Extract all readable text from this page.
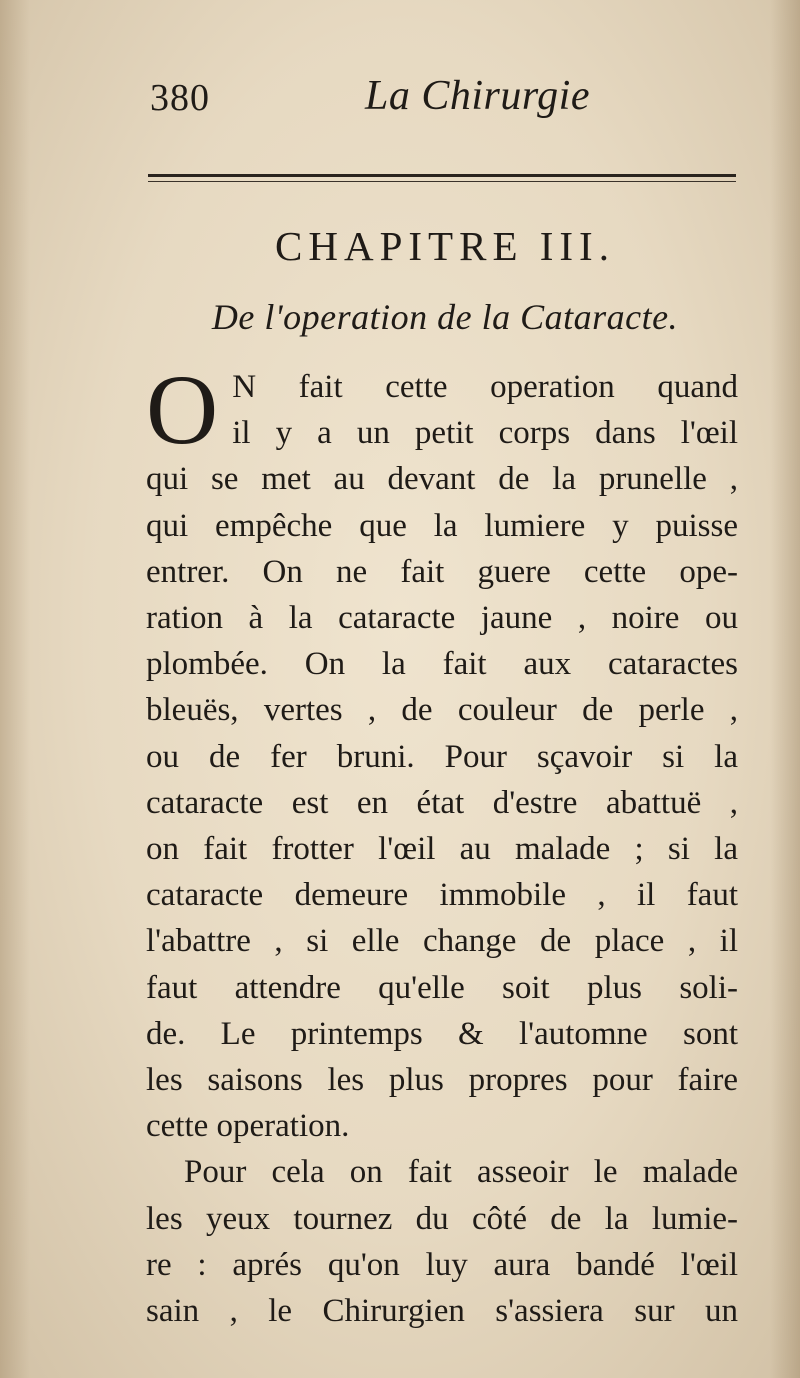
380	La Chirurgie
CHAPITRE III.
De l'operation de la Cataracte.
O N fait cette operation quand
il y a un petit corps dans l'œil
qui se met au devant de la prunelle ,
qui empêche que la lumiere y puisse
entrer. On ne fait guere cette ope-
ration à la cataracte jaune , noire ou
plombée. On la fait aux cataractes
bleuës, vertes , de couleur de perle ,
ou de fer bruni. Pour sçavoir si la
cataracte est en état d'estre abattuë ,
on fait frotter l'œil au malade ; si la
cataracte demeure immobile , il faut
l'abattre , si elle change de place , il
faut attendre qu'elle soit plus soli-
de. Le printemps & l'automne sont
les saisons les plus propres pour faire
cette operation.
Pour cela on fait asseoir le malade
les yeux tournez du côté de la lumie-
re : aprés qu'on luy aura bandé l'œil
sain , le Chirurgien s'assiera sur un
